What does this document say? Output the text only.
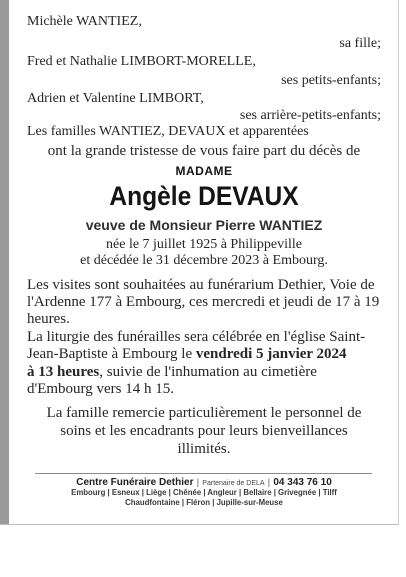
Michèle WANTIEZ,
sa fille;
Fred et Nathalie LIMBORT-MORELLE,
ses petits-enfants;
Adrien et Valentine LIMBORT,
ses arrière-petits-enfants;
Les familles WANTIEZ, DEVAUX et apparentées
ont la grande tristesse de vous faire part du décès de
MADAME
Angèle DEVAUX
veuve de Monsieur Pierre WANTIEZ
née le 7 juillet 1925 à Philippeville
et décédée le 31 décembre 2023 à Embourg.
Les visites sont souhaitées au funérarium Dethier, Voie de
l'Ardenne 177 à Embourg, ces mercredi et jeudi de 17 à 19
heures.
La liturgie des funérailles sera célébrée en l'église Saint-
Jean-Baptiste à Embourg le vendredi 5 janvier 2024
à 13 heures, suivie de l'inhumation au cimetière
d'Embourg vers 14 h 15.
La famille remercie particulièrement le personnel de
soins et les encadrants pour leurs bienveillances
illimités.
Centre Funéraire Dethier | Partenaire de DELA | 04 343 76 10
Embourg | Esneux | Liège | Chênée | Angleur | Bellaire | Grivegnée | Tilff
Chaudfontaine | Fléron | Jupille-sur-Meuse
